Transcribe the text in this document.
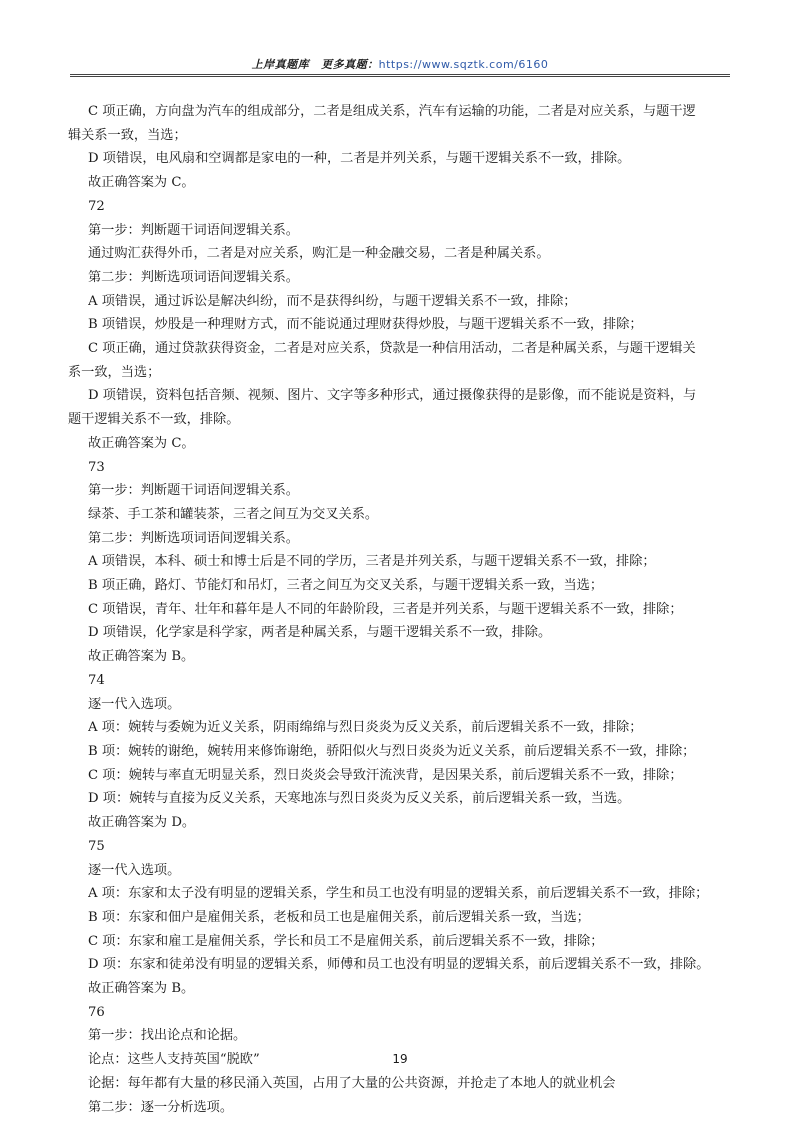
上岸真题库 更多真题：https://www.sqztk.com/6160
C 项正确，方向盘为汽车的组成部分，二者是组成关系，汽车有运输的功能，二者是对应关系，与题干逻
辑关系一致，当选；
D 项错误，电风扇和空调都是家电的一种，二者是并列关系，与题干逻辑关系不一致，排除。
故正确答案为 C。
72
第一步：判断题干词语间逻辑关系。
通过购汇获得外币，二者是对应关系，购汇是一种金融交易，二者是种属关系。
第二步：判断选项词语间逻辑关系。
A 项错误，通过诉讼是解决纠纷，而不是获得纠纷，与题干逻辑关系不一致，排除；
B 项错误，炒股是一种理财方式，而不能说通过理财获得炒股，与题干逻辑关系不一致，排除；
C 项正确，通过贷款获得资金，二者是对应关系，贷款是一种信用活动，二者是种属关系，与题干逻辑关
系一致，当选；
D 项错误，资料包括音频、视频、图片、文字等多种形式，通过摄像获得的是影像，而不能说是资料，与
题干逻辑关系不一致，排除。
故正确答案为 C。
73
第一步：判断题干词语间逻辑关系。
绿茶、手工茶和罐装茶，三者之间互为交叉关系。
第二步：判断选项词语间逻辑关系。
A 项错误，本科、硕士和博士后是不同的学历，三者是并列关系，与题干逻辑关系不一致，排除；
B 项正确，路灯、节能灯和吊灯，三者之间互为交叉关系，与题干逻辑关系一致，当选；
C 项错误，青年、壮年和暮年是人不同的年龄阶段，三者是并列关系，与题干逻辑关系不一致，排除；
D 项错误，化学家是科学家，两者是种属关系，与题干逻辑关系不一致，排除。
故正确答案为 B。
74
逐一代入选项。
A 项：婉转与委婉为近义关系，阴雨绵绵与烈日炎炎为反义关系，前后逻辑关系不一致，排除；
B 项：婉转的谢绝，婉转用来修饰谢绝，骄阳似火与烈日炎炎为近义关系，前后逻辑关系不一致，排除；
C 项：婉转与率直无明显关系，烈日炎炎会导致汗流浃背，是因果关系，前后逻辑关系不一致，排除；
D 项：婉转与直接为反义关系，天寒地冻与烈日炎炎为反义关系，前后逻辑关系一致，当选。
故正确答案为 D。
75
逐一代入选项。
A 项：东家和太子没有明显的逻辑关系，学生和员工也没有明显的逻辑关系，前后逻辑关系不一致，排除；
B 项：东家和佃户是雇佣关系，老板和员工也是雇佣关系，前后逻辑关系一致，当选；
C 项：东家和雇工是雇佣关系，学长和员工不是雇佣关系，前后逻辑关系不一致，排除；
D 项：东家和徒弟没有明显的逻辑关系，师傅和员工也没有明显的逻辑关系，前后逻辑关系不一致，排除。
故正确答案为 B。
76
第一步：找出论点和论据。
论点：这些人支持英国“脱欧”
论据：每年都有大量的移民涌入英国，占用了大量的公共资源，并抢走了本地人的就业机会
第二步：逐一分析选项。
19
